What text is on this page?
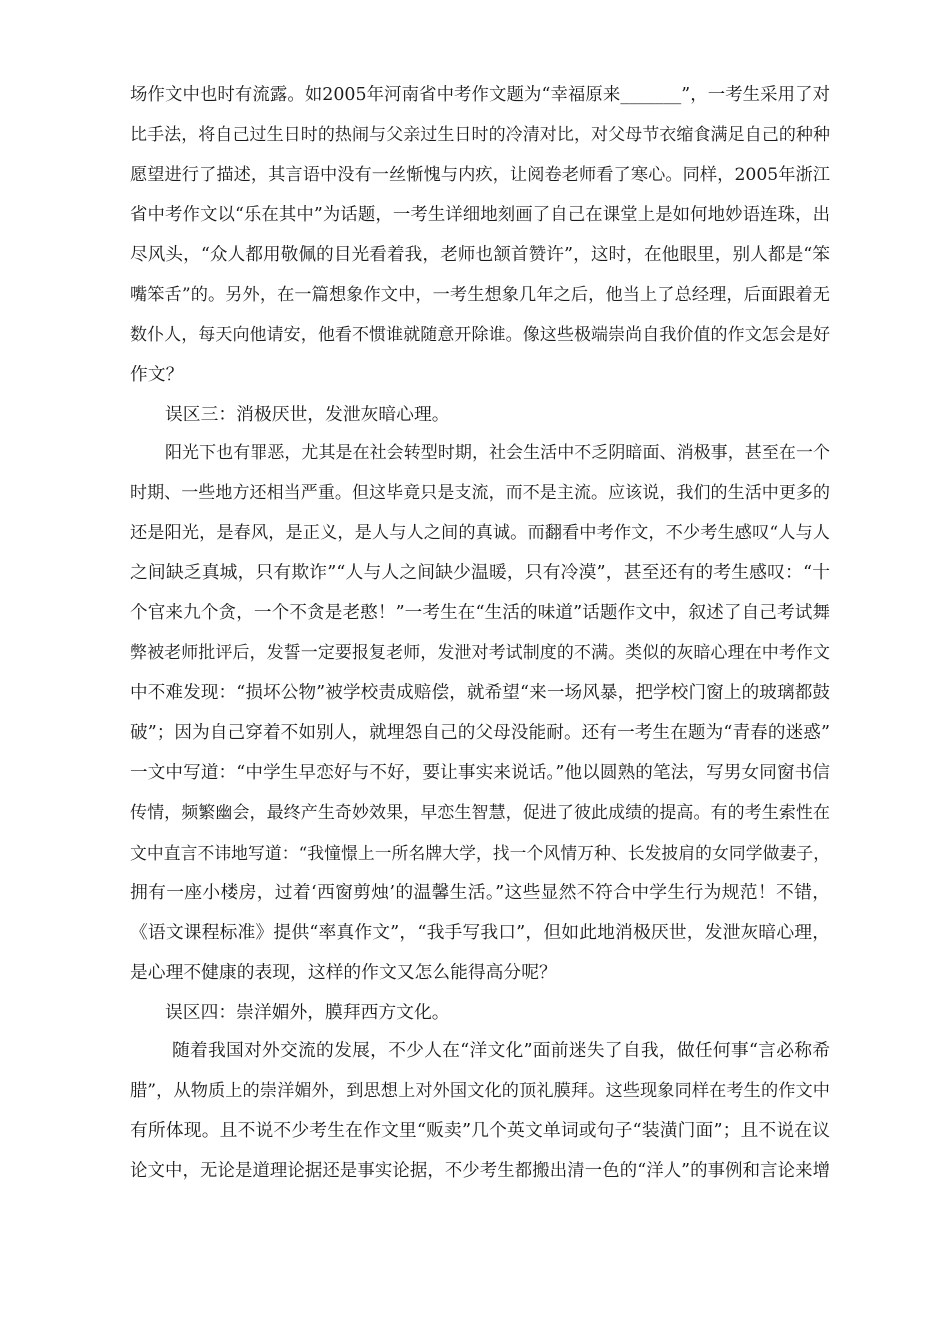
场作文中也时有流露。如2005年河南省中考作文题为“幸福原来_______”，一考生采用了对
比手法，将自己过生日时的热闹与父亲过生日时的冷清对比，对父母节衣缩食满足自己的种种
愿望进行了描述，其言语中没有一丝惭愧与内疚，让阅卷老师看了寒心。同样，2005年浙江
省中考作文以“乐在其中”为话题，一考生详细地刻画了自己在课堂上是如何地妙语连珠，出
尽风头，“众人都用敬佩的目光看着我，老师也颔首赞许”，这时，在他眼里，别人都是“笨
嘴笨舌”的。另外，在一篇想象作文中，一考生想象几年之后，他当上了总经理，后面跟着无
数仆人，每天向他请安，他看不惯谁就随意开除谁。像这些极端崇尚自我价值的作文怎会是好
作文？
误区三：消极厌世，发泄灰暗心理。
阳光下也有罪恶，尤其是在社会转型时期，社会生活中不乏阴暗面、消极事，甚至在一个
时期、一些地方还相当严重。但这毕竟只是支流，而不是主流。应该说，我们的生活中更多的
还是阳光，是春风，是正义，是人与人之间的真诚。而翻看中考作文，不少考生感叹“人与人
之间缺乏真城，只有欺诈”“人与人之间缺少温暖，只有冷漠”，甚至还有的考生感叹：“十
个官来九个贪，一个不贪是老憨！”一考生在“生活的味道”话题作文中，叙述了自己考试舞
弊被老师批评后，发誓一定要报复老师，发泄对考试制度的不满。类似的灰暗心理在中考作文
中不难发现：“损坏公物”被学校责成赔偿，就希望“来一场风暴，把学校门窗上的玻璃都鼓
破”；因为自己穿着不如别人，就埋怨自己的父母没能耐。还有一考生在题为“青春的迷惑”
一文中写道：“中学生早恋好与不好，要让事实来说话。”他以圆熟的笔法，写男女同窗书信
传情，频繁幽会，最终产生奇妙效果，早恋生智慧，促进了彼此成绩的提高。有的考生索性在
文中直言不讳地写道：“我憧憬上一所名牌大学，找一个风情万种、长发披肩的女同学做妻子，
拥有一座小楼房，过着‘西窗剪烛’的温馨生活。”这些显然不符合中学生行为规范！不错，
《语文课程标准》提供“率真作文”，“我手写我口”，但如此地消极厌世，发泄灰暗心理，
是心理不健康的表现，这样的作文又怎么能得高分呢？
误区四：崇洋媚外，膜拜西方文化。
随着我国对外交流的发展，不少人在“洋文化”面前迷失了自我，做任何事“言必称希
腊”，从物质上的崇洋媚外，到思想上对外国文化的顶礼膜拜。这些现象同样在考生的作文中
有所体现。且不说不少考生在作文里“贩卖”几个英文单词或句子“装潢门面”；且不说在议
论文中，无论是道理论据还是事实论据，不少考生都搬出清一色的“洋人”的事例和言论来增
